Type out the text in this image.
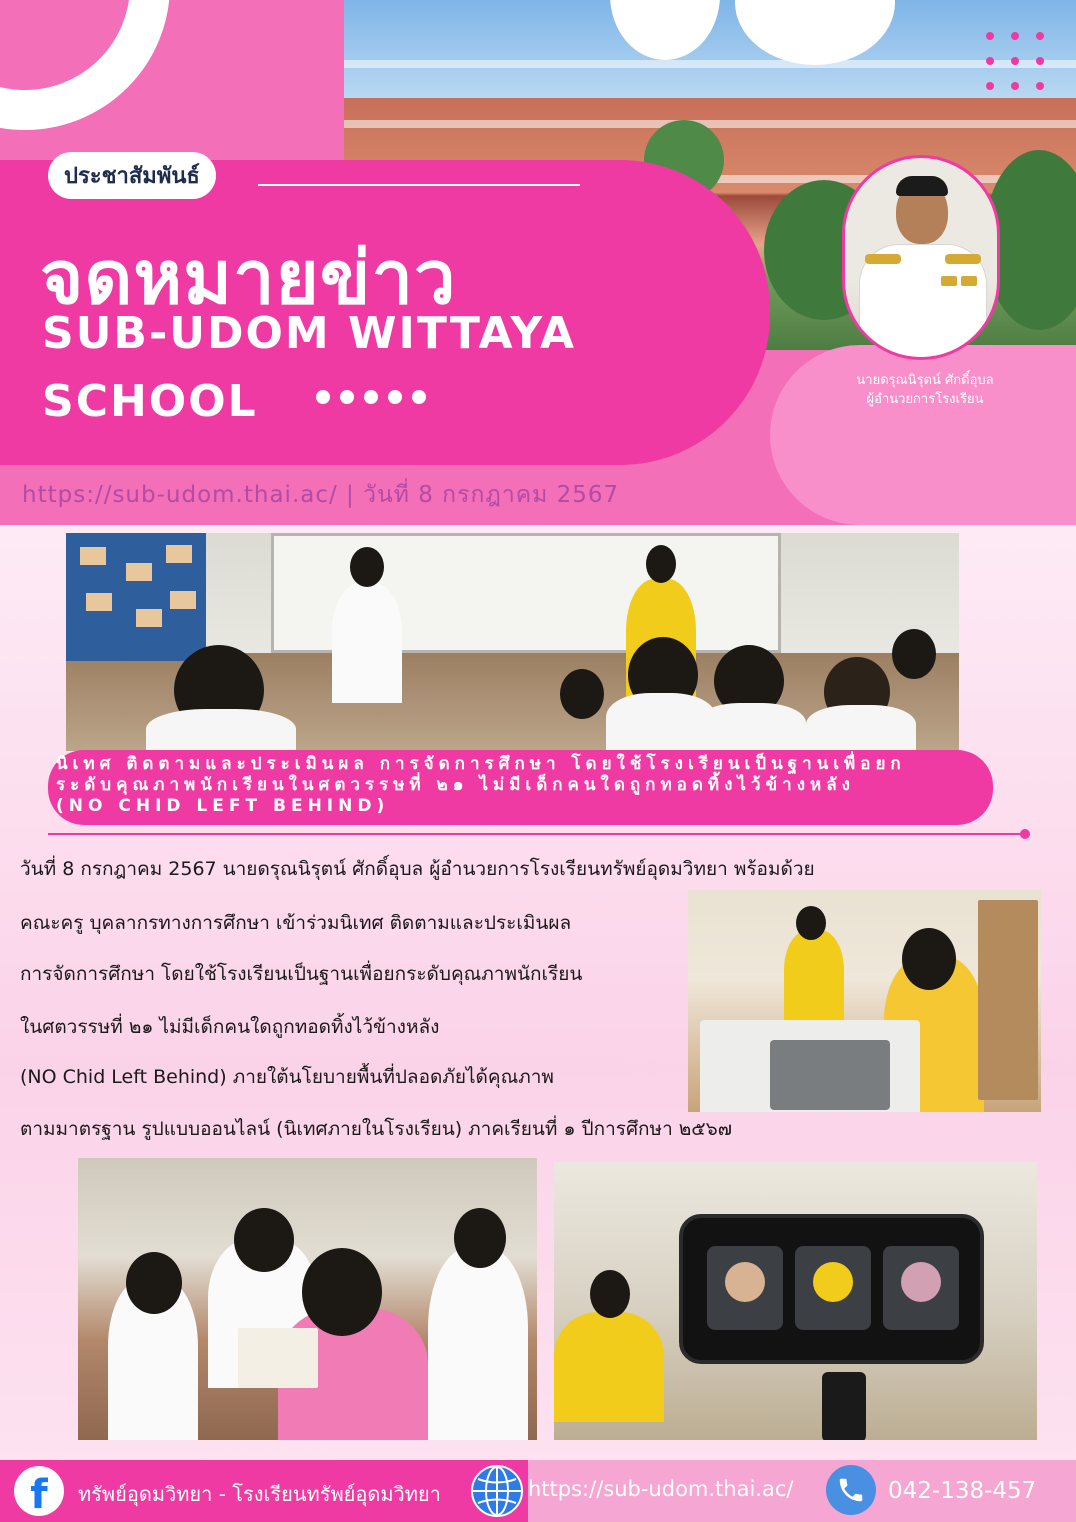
ประชาสัมพันธ์
จดหมายข่าว
SUB-UDOM WITTAYA
SCHOOL	นายดรุณนิรุตน์ ศักดิ์อุบล
ผู้อำนวยการโรงเรียน
https://sub-udom.thai.ac/ | วันที่ 8 กรกฎาคม 2567
นิเทศ ติดตามและประเมินผล การจัดการศึกษา โดยใช้โรงเรียนเป็นฐานเพื่อยก
ระดับคุณภาพนักเรียนในศตวรรษที่ ๒๑ ไม่มีเด็กคนใดถูกทอดทิ้งไว้ข้างหลัง
(NO CHID LEFT BEHIND)
วันที่ 8 กรกฎาคม 2567 นายดรุณนิรุตน์ ศักดิ์อุบล ผู้อำนวยการโรงเรียนทรัพย์อุดมวิทยา พร้อมด้วย
คณะครู บุคลากรทางการศึกษา เข้าร่วมนิเทศ ติดตามและประเมินผล
การจัดการศึกษา โดยใช้โรงเรียนเป็นฐานเพื่อยกระดับคุณภาพนักเรียน
ในศตวรรษที่ ๒๑ ไม่มีเด็กคนใดถูกทอดทิ้งไว้ข้างหลัง
(NO Chid Left Behind) ภายใต้นโยบายพื้นที่ปลอดภัยได้คุณภาพ
ตามมาตรฐาน รูปแบบออนไลน์ (นิเทศภายในโรงเรียน) ภาคเรียนที่ ๑ ปีการศึกษา ๒๕๖๗
f	ทรัพย์อุดมวิทยา - โรงเรียนทรัพย์อุดมวิทยา	https://sub-udom.thai.ac/	042-138-457
